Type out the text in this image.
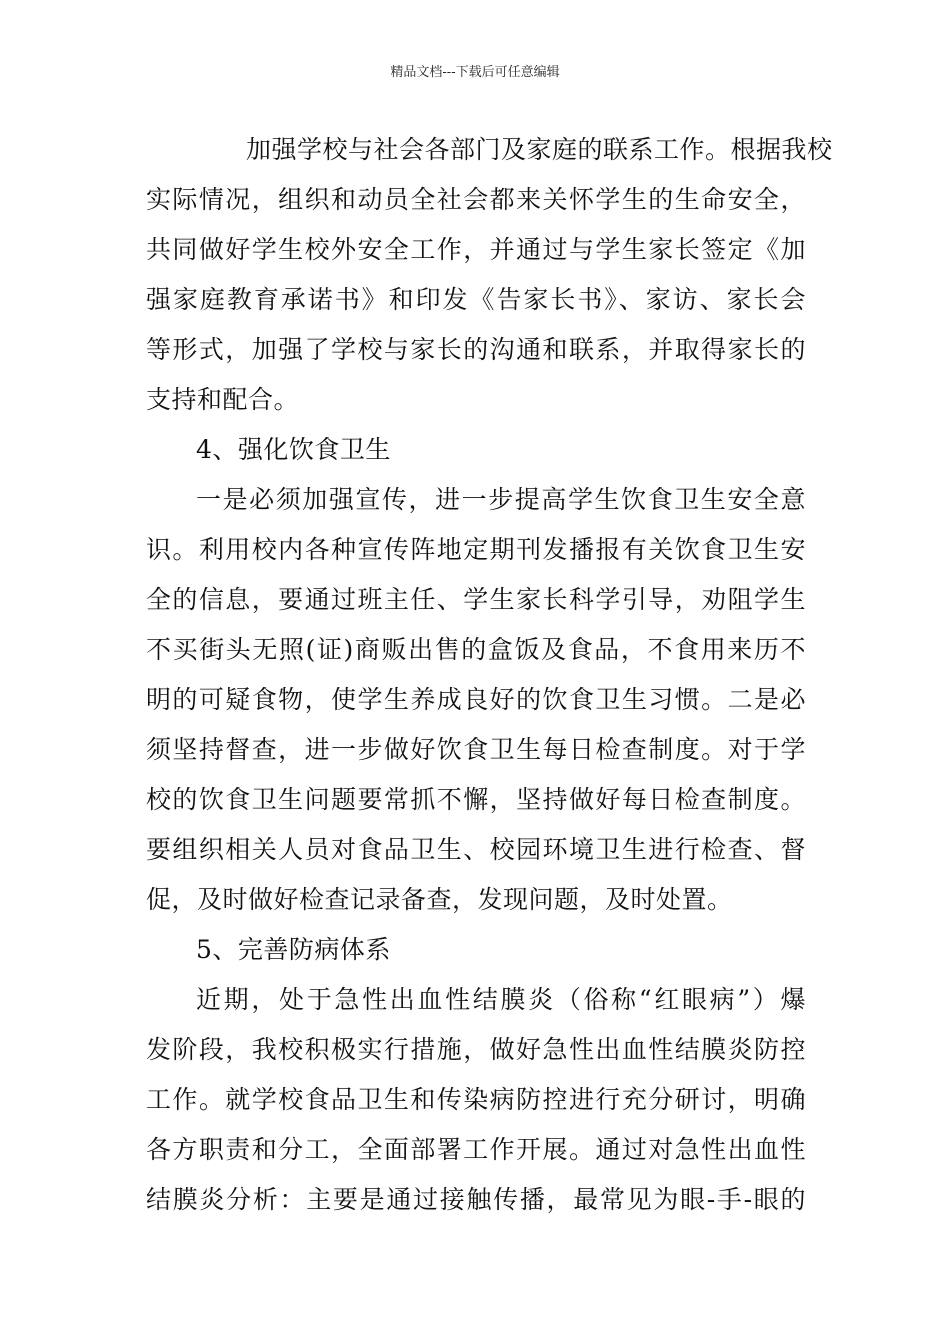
精品文档---下载后可任意编辑
加强学校与社会各部门及家庭的联系工作。根据我校
实际情况，组织和动员全社会都来关怀学生的生命安全，
共同做好学生校外安全工作，并通过与学生家长签定《加
强家庭教育承诺书》和印发《告家长书》、家访、家长会
等形式，加强了学校与家长的沟通和联系，并取得家长的
支持和配合。
4、强化饮食卫生
一是必须加强宣传，进一步提高学生饮食卫生安全意
识。利用校内各种宣传阵地定期刊发播报有关饮食卫生安
全的信息，要通过班主任、学生家长科学引导，劝阻学生
不买街头无照(证)商贩出售的盒饭及食品，不食用来历不
明的可疑食物，使学生养成良好的饮食卫生习惯。二是必
须坚持督查，进一步做好饮食卫生每日检查制度。对于学
校的饮食卫生问题要常抓不懈，坚持做好每日检查制度。
要组织相关人员对食品卫生、校园环境卫生进行检查、督
促，及时做好检查记录备查，发现问题，及时处置。
5、完善防病体系
近期，处于急性出血性结膜炎（俗称“红眼病”）爆
发阶段，我校积极实行措施，做好急性出血性结膜炎防控
工作。就学校食品卫生和传染病防控进行充分研讨，明确
各方职责和分工，全面部署工作开展。通过对急性出血性
结膜炎分析：主要是通过接触传播，最常见为眼-手-眼的
